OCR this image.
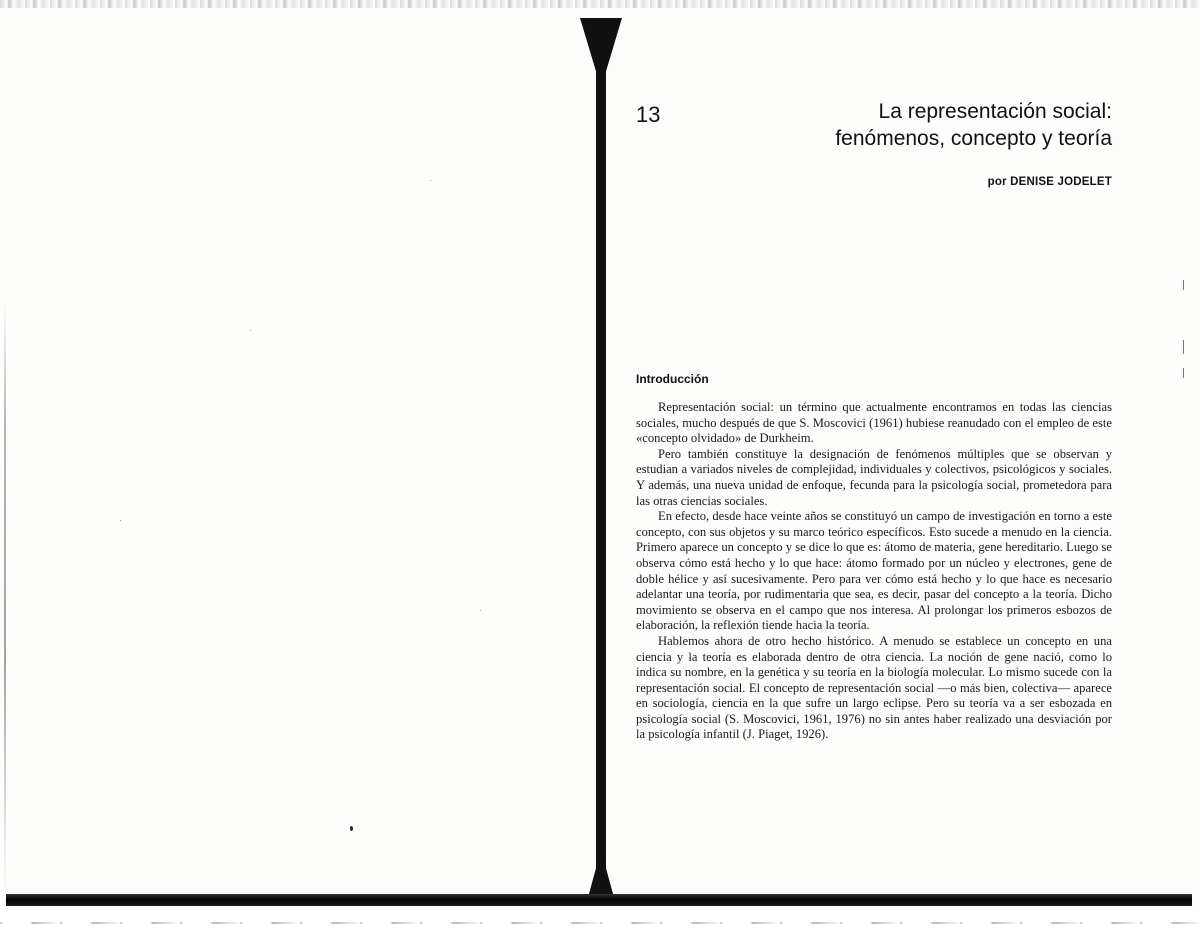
13	La representación social:
fenómenos, concepto y teoría
por DENISE JODELET
Introducción

Representación social: un término que actualmente encontramos en todas las ciencias sociales, mucho después de que S. Moscovici (1961) hubiese reanudado con el empleo de este «concepto olvidado» de Durkheim.

Pero también constituye la designación de fenómenos múltiples que se observan y estudian a variados niveles de complejidad, individuales y colectivos, psicológicos y sociales. Y además, una nueva unidad de enfoque, fecunda para la psicología social, prometedora para las otras ciencias sociales.

En efecto, desde hace veinte años se constituyó un campo de investigación en torno a este concepto, con sus objetos y su marco teórico específicos. Esto sucede a menudo en la ciencia. Primero aparece un concepto y se dice lo que es: átomo de materia, gene hereditario. Luego se observa cómo está hecho y lo que hace: átomo formado por un núcleo y electrones, gene de doble hélice y así sucesivamente. Pero para ver cómo está hecho y lo que hace es necesario adelantar una teoría, por rudimentaria que sea, es decir, pasar del concepto a la teoría. Dicho movimiento se observa en el campo que nos interesa. Al prolongar los primeros esbozos de elaboración, la reflexión tiende hacia la teoría.

Hablemos ahora de otro hecho histórico. A menudo se establece un concepto en una ciencia y la teoría es elaborada dentro de otra ciencia. La noción de gene nació, como lo indica su nombre, en la genética y su teoría en la biología molecular. Lo mismo sucede con la representación social. El concepto de representación social —o más bien, colectiva— aparece en sociología, ciencia en la que sufre un largo eclipse. Pero su teoría va a ser esbozada en psicología social (S. Moscovici, 1961, 1976) no sin antes haber realizado una desviación por la psicología infantil (J. Piaget, 1926).
